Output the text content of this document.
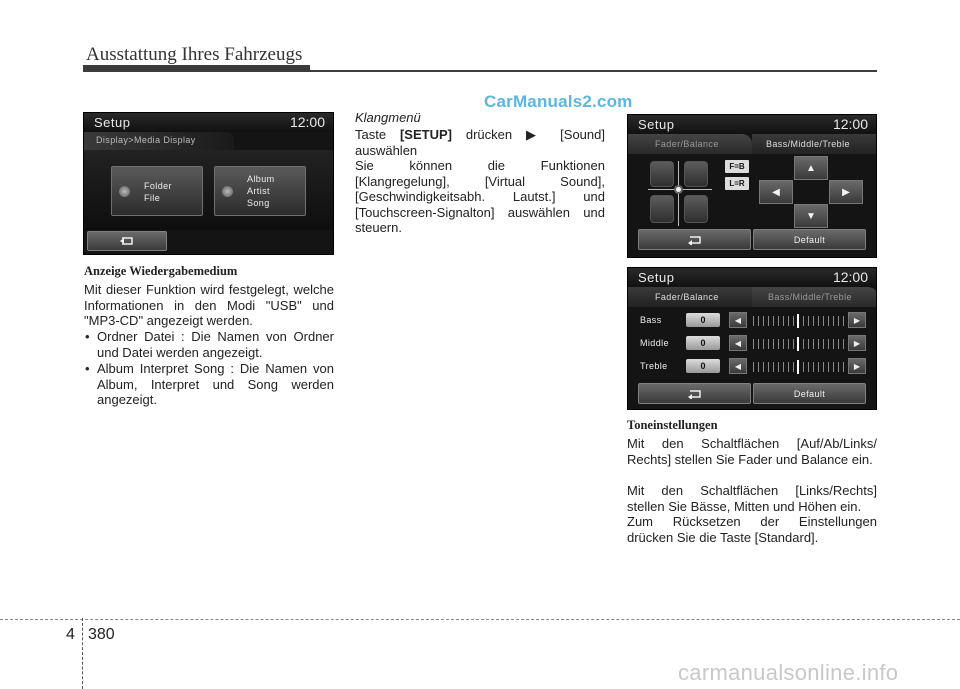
Ausstattung Ihres Fahrzeugs
CarManuals2.com
Setup	12:00
Display>Media Display
Folder
File
Album
Artist
Song
Anzeige Wiedergabemedium
Mit dieser Funktion wird festgelegt, welche Informationen in den Modi "USB" und "MP3-CD" angezeigt werden.
• Ordner Datei : Die Namen von Ordner und Datei werden angezeigt.
• Album Interpret Song : Die Namen von Album, Interpret und Song werden angezeigt.
Klangmenü
Taste [SETUP] drücken ▶ [Sound] auswählen
Sie können die Funktionen [Klangregelung], [Virtual Sound], [Geschwindigkeitsabh. Lautst.] und [Touchscreen-Signalton] auswählen und steuern.
Setup	12:00
Fader/Balance	Bass/Middle/Treble
F=B
L=R
▲
◀	▶
▼
Default
Setup	12:00
Fader/Balance	Bass/Middle/Treble
Bass	0	◀	▶
Middle	0	◀	▶
Treble	0	◀	▶
Default
Toneinstellungen
Mit den Schaltflächen [Auf/Ab/Links/ Rechts] stellen Sie Fader und Balance ein.
Mit den Schaltflächen [Links/Rechts] stellen Sie Bässe, Mitten und Höhen ein.
Zum Rücksetzen der Einstellungen drücken Sie die Taste [Standard].
4 380
carmanualsonline.info
